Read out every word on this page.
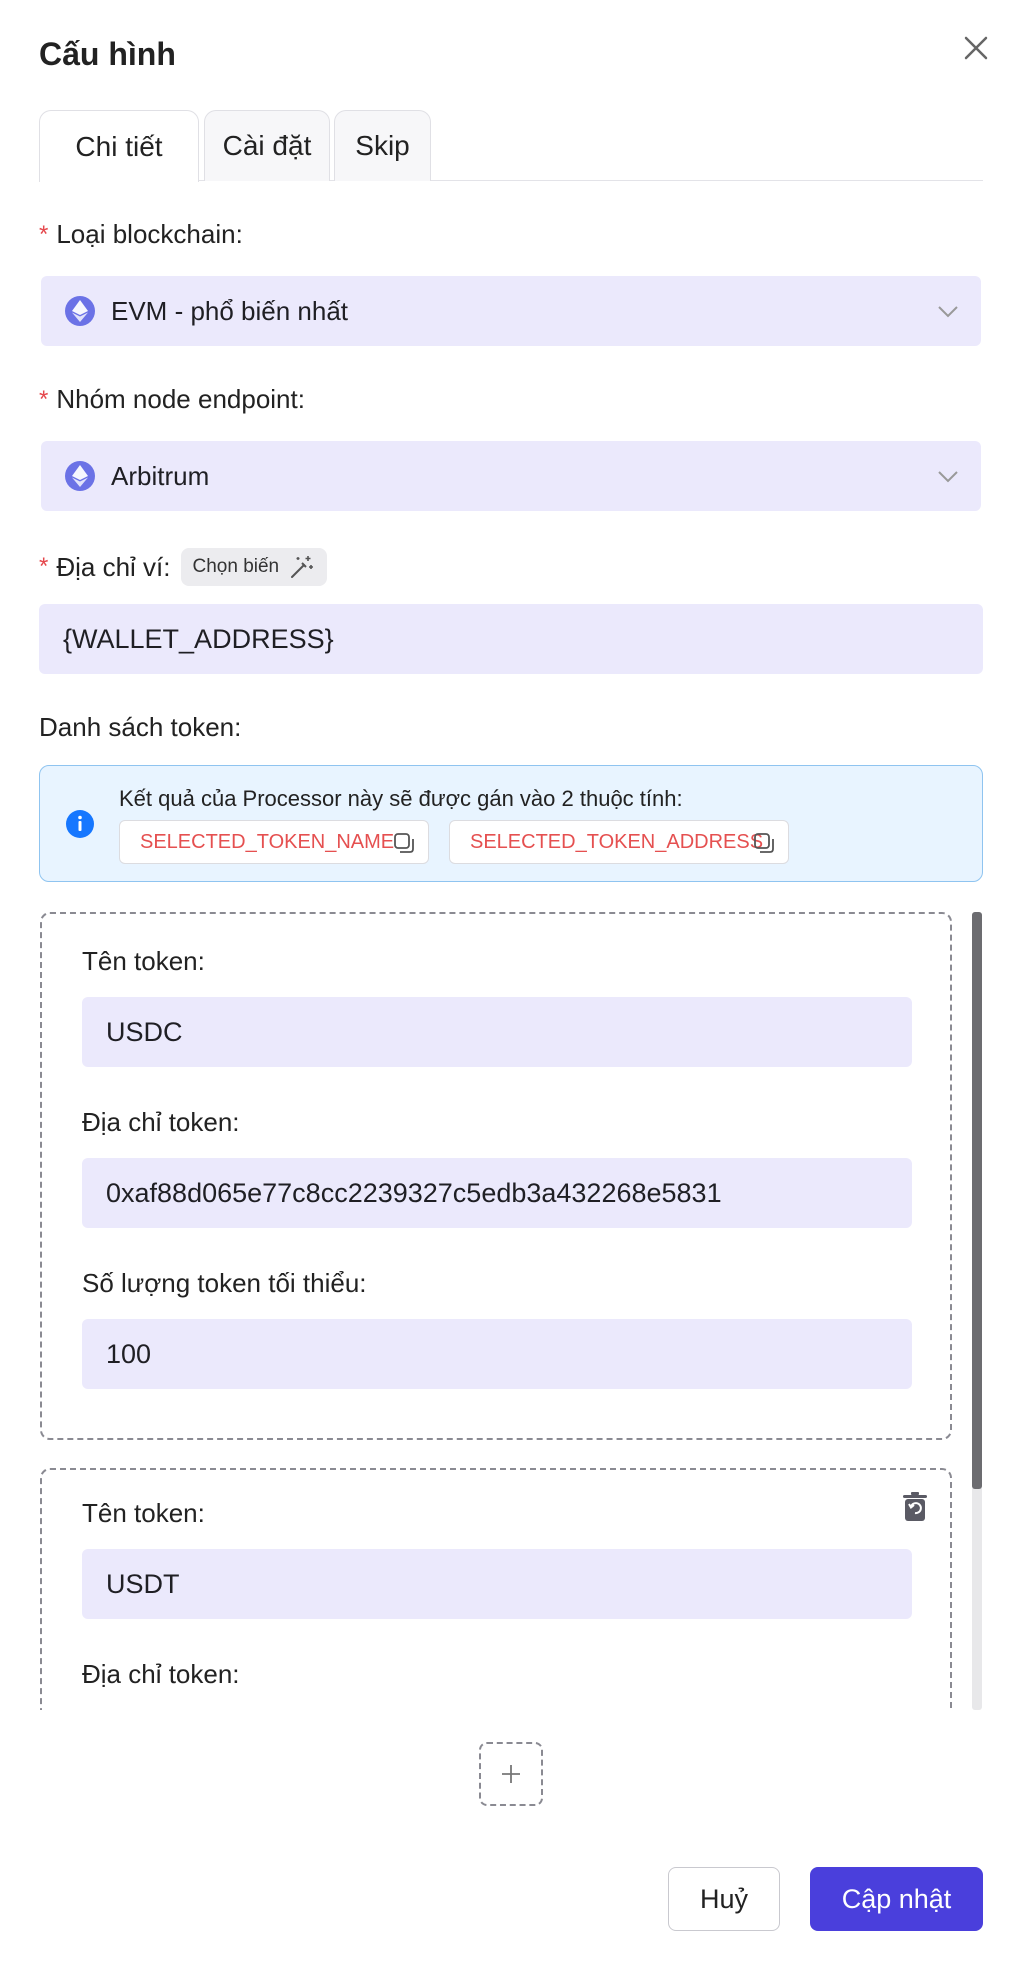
Cấu hình
Chi tiết Cài đặt Skip
* Loại blockchain:
EVM - phổ biến nhất
* Nhóm node endpoint:
Arbitrum
* Địa chỉ ví: Chọn biến
{WALLET_ADDRESS}
Danh sách token:
Kết quả của Processor này sẽ được gán vào 2 thuộc tính:
SELECTED_TOKEN_NAME	SELECTED_TOKEN_ADDRESS
Tên token:
USDC
Địa chỉ token:
0xaf88d065e77c8cc2239327c5edb3a432268e5831
Số lượng token tối thiểu:
100
Tên token:
USDT
Địa chỉ token:
Huỷ	Cập nhật
